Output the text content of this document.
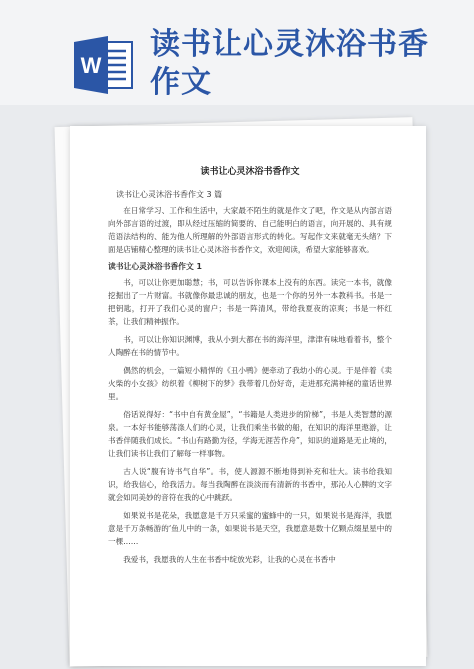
W
读书让心灵沐浴书香作文
读书让心灵沐浴书香作文
读书让心灵沐浴书香作文 3 篇

在日常学习、工作和生活中，大家最不陌生的就是作文了吧，作文是从内部言语向外部言语的过渡，即从经过压缩的简要的、自己能明白的语言，向开展的、具有规范语法结构的、能为他人所理解的外部语言形式的转化。写起作文来就毫无头绪？下面是店铺精心整理的读书让心灵沐浴书香作文，欢迎阅读，希望大家能够喜欢。

读书让心灵沐浴书香作文 1

书，可以让你更加聪慧；书，可以告诉你课本上没有的东西。读完一本书，就像挖掘出了一片财富。书就像你最忠诚的朋友，也是一个你的另外一本教科书。书是一把钥匙，打开了我们心灵的窗户；书是一阵清风，带给我夏夜的凉爽；书是一杯红茶，让我们精神振作。

书，可以让你知识渊博，我从小到大都在书的海洋里，津津有味地看着书，整个人陶醉在书的情节中。

偶然的机会，一篇短小精悍的《丑小鸭》便牵动了我幼小的心灵。于是伴着《卖火柴的小女孩》纺织着《柳树下的梦》我带着几份好奇，走进那充满神秘的童话世界里。

俗话说得好：“书中自有黄金屋”，“书籍是人类进步的阶梯”，书是人类智慧的源泉。一本好书能够荡涤人们的心灵，让我们乘坐书做的船，在知识的海洋里遨游，让书香伴随我们成长。“书山有路勤为径，学海无涯苦作舟”，知识的道路是无止境的，让我们读书让我们了解每一样事物。

古人说“腹有诗书气自华”。书，使人源源不断地得到补充和壮大。读书给我知识，给我信心，给我活力。每当我陶醉在淡淡而有清新的书香中，那沁人心脾的文字就会如同美妙的音符在我的心中跳跃。

如果说书是花朵，我愿意是千万只采蜜的蜜蜂中的一只，如果说书是海洋，我愿意是千万条畅游的‘鱼儿中的一条，如果说书是天空，我愿意是数十亿颗点缀星星中的一棵……

我爱书，我愿我的人生在书香中绽放光彩，让我的心灵在书香中
